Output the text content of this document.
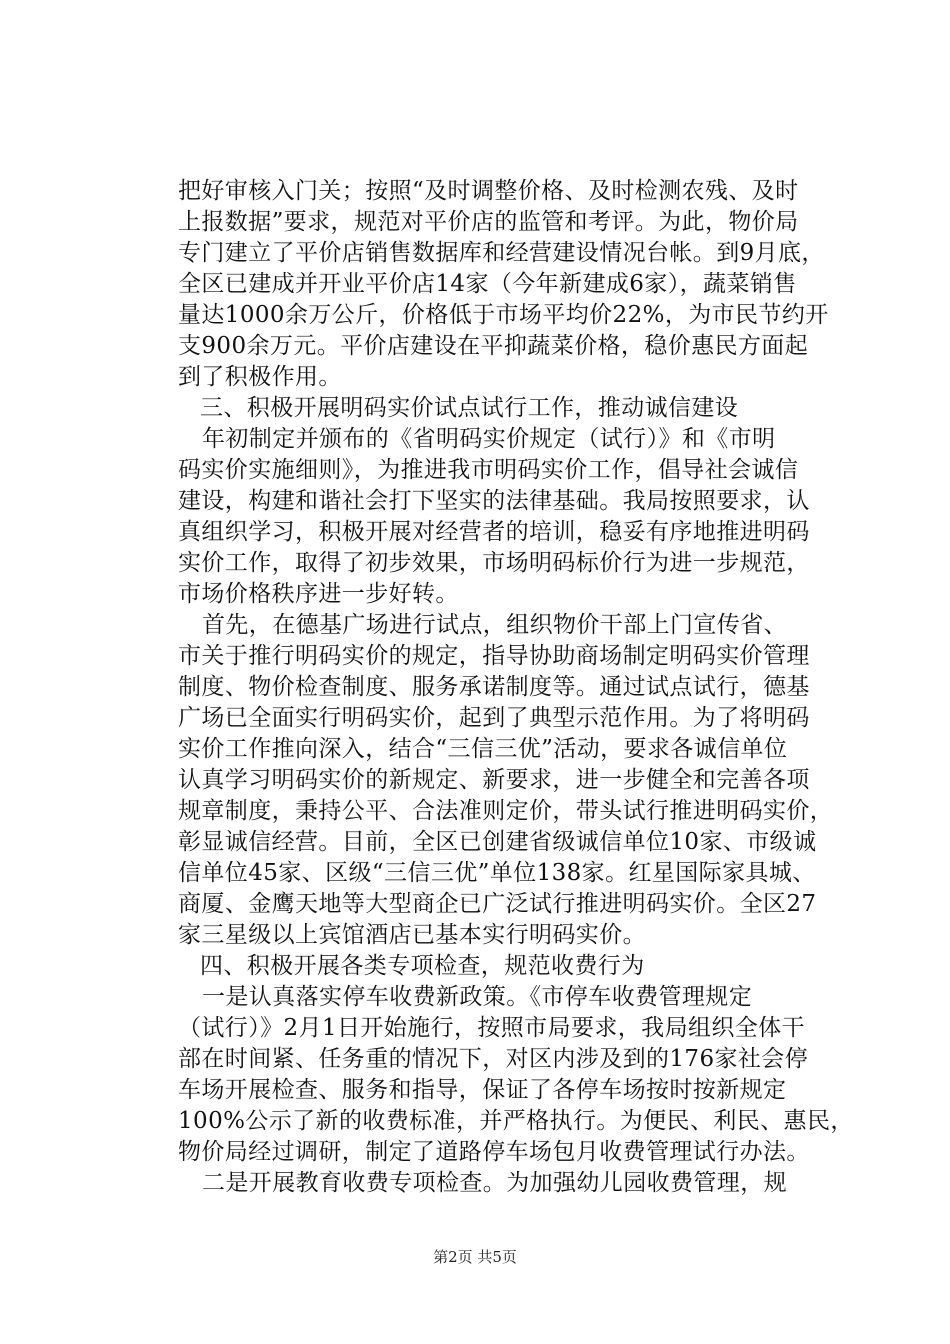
把好审核入门关；按照“及时调整价格、及时检测农残、及时
上报数据”要求，规范对平价店的监管和考评。为此，物价局
专门建立了平价店销售数据库和经营建设情况台帐。到9月底，
全区已建成并开业平价店14家（今年新建成6家），蔬菜销售
量达1000余万公斤，价格低于市场平均价22%，为市民节约开
支900余万元。平价店建设在平抑蔬菜价格，稳价惠民方面起
到了积极作用。
三、积极开展明码实价试点试行工作，推动诚信建设
年初制定并颁布的《省明码实价规定（试行）》和《市明
码实价实施细则》，为推进我市明码实价工作，倡导社会诚信
建设，构建和谐社会打下坚实的法律基础。我局按照要求，认
真组织学习，积极开展对经营者的培训，稳妥有序地推进明码
实价工作，取得了初步效果，市场明码标价行为进一步规范，
市场价格秩序进一步好转。
首先，在德基广场进行试点，组织物价干部上门宣传省、
市关于推行明码实价的规定，指导协助商场制定明码实价管理
制度、物价检查制度、服务承诺制度等。通过试点试行，德基
广场已全面实行明码实价，起到了典型示范作用。为了将明码
实价工作推向深入，结合“三信三优”活动，要求各诚信单位
认真学习明码实价的新规定、新要求，进一步健全和完善各项
规章制度，秉持公平、合法准则定价，带头试行推进明码实价，
彰显诚信经营。目前，全区已创建省级诚信单位10家、市级诚
信单位45家、区级“三信三优”单位138家。红星国际家具城、
商厦、金鹰天地等大型商企已广泛试行推进明码实价。全区27
家三星级以上宾馆酒店已基本实行明码实价。
四、积极开展各类专项检查，规范收费行为
一是认真落实停车收费新政策。《市停车收费管理规定
（试行）》2月1日开始施行，按照市局要求，我局组织全体干
部在时间紧、任务重的情况下，对区内涉及到的176家社会停
车场开展检查、服务和指导，保证了各停车场按时按新规定
100%公示了新的收费标准，并严格执行。为便民、利民、惠民，
物价局经过调研，制定了道路停车场包月收费管理试行办法。
二是开展教育收费专项检查。为加强幼儿园收费管理，规
第2页 共5页
